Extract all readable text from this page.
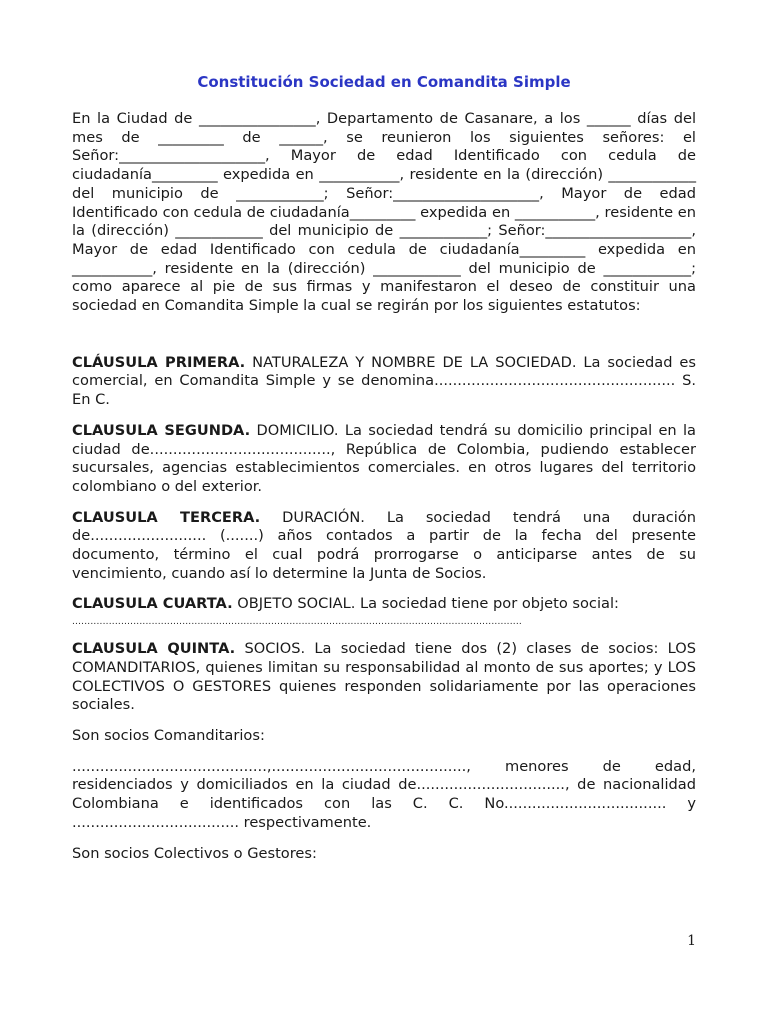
Constitución Sociedad en Comandita Simple

En la Ciudad de ________________, Departamento de Casanare, a los ______ días del mes de _________ de ______, se reunieron los siguientes señores: el Señor:____________________, Mayor de edad Identificado con cedula de ciudadanía_________ expedida en ___________, residente en la (dirección) ____________ del municipio de ____________; Señor:____________________, Mayor de edad Identificado con cedula de ciudadanía_________ expedida en ___________, residente en la (dirección) ____________ del municipio de ____________; Señor:____________________, Mayor de edad Identificado con cedula de ciudadanía_________ expedida en ___________, residente en la (dirección) ____________ del municipio de ____________; como aparece al pie de sus firmas y manifestaron el deseo de constituir una sociedad en Comandita Simple la cual se regirán por los siguientes estatutos:

CLÁUSULA PRIMERA. NATURALEZA Y NOMBRE DE LA SOCIEDAD. La sociedad es comercial, en Comandita Simple y se denomina.................................................... S. En C.

CLAUSULA SEGUNDA. DOMICILIO. La sociedad tendrá su domicilio principal en la ciudad de......................................., República de Colombia, pudiendo establecer sucursales, agencias establecimientos comerciales. en otros lugares del territorio colombiano o del exterior.

CLAUSULA TERCERA. DURACIÓN. La sociedad tendrá una duración de......................... (.......) años contados a partir de la fecha del presente documento, término el cual podrá prorrogarse o anticiparse antes de su vencimiento, cuando así lo determine la Junta de Socios.

CLAUSULA CUARTA. OBJETO SOCIAL. La sociedad tiene por objeto social:
...................................................................................................................................................

CLAUSULA QUINTA. SOCIOS. La sociedad tiene dos (2) clases de socios: LOS COMANDITARIOS, quienes limitan su responsabilidad al monto de sus aportes; y LOS COLECTIVOS O GESTORES quienes responden solidariamente por las operaciones sociales.

Son socios Comanditarios:

..........................................,.........................................., menores de edad, residenciados y domiciliados en la ciudad de................................, de nacionalidad Colombiana e identificados con las C. C. No................................... y .................................... respectivamente.

Son socios Colectivos o Gestores:

1
